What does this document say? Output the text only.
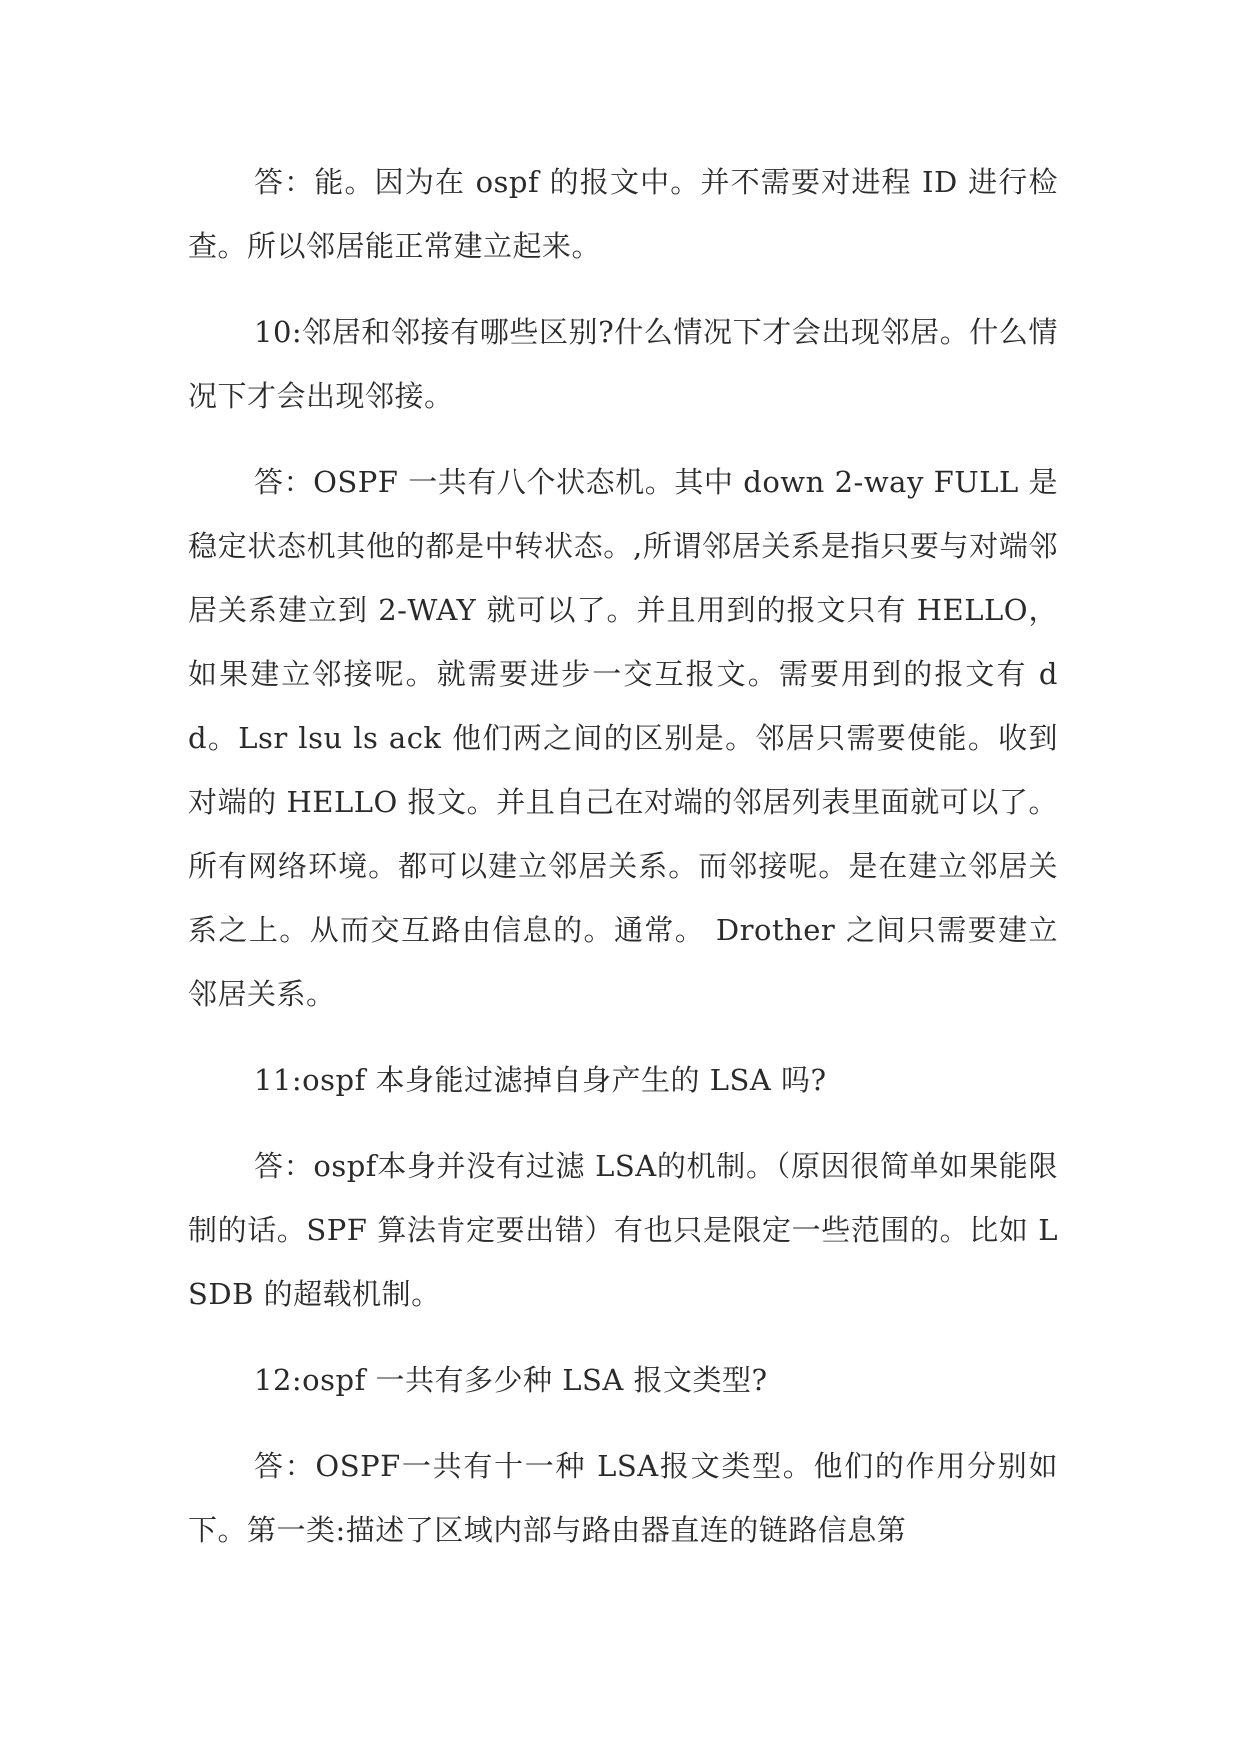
答：能。因为在 ospf 的报文中。并不需要对进程 ID 进行检查。所以邻居能正常建立起来。

10:邻居和邻接有哪些区别?什么情况下才会出现邻居。什么情况下才会出现邻接。

答：OSPF 一共有八个状态机。其中 down 2-way FULL 是稳定状态机其他的都是中转状态。,所谓邻居关系是指只要与对端邻居关系建立到 2-WAY 就可以了。并且用到的报文只有 HELLO，如果建立邻接呢。就需要进步一交互报文。需要用到的报文有 dd。Lsr lsu ls ack 他们两之间的区别是。邻居只需要使能。收到对端的 HELLO 报文。并且自己在对端的邻居列表里面就可以了。所有网络环境。都可以建立邻居关系。而邻接呢。是在建立邻居关系之上。从而交互路由信息的。通常。 Drother 之间只需要建立邻居关系。

11:ospf 本身能过滤掉自身产生的 LSA 吗?

答：ospf本身并没有过滤 LSA的机制。（原因很简单如果能限制的话。SPF 算法肯定要出错）有也只是限定一些范围的。比如 LSDB 的超载机制。

12:ospf 一共有多少种 LSA 报文类型?

答：OSPF一共有十一种 LSA报文类型。他们的作用分别如下。第一类:描述了区域内部与路由器直连的链路信息第
